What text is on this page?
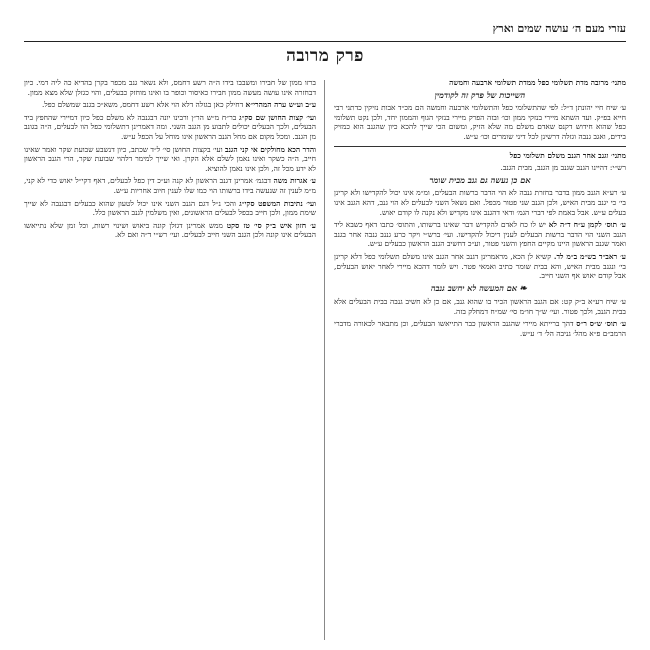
עזרי מעם ה׳ עושה שמים וארץ
פרק מרובה

מתני׳ מרובה מדת תשלומי כפל ממדת תשלומי ארבעה וחמשה

השייכות של פרק זה לקודמין

ע׳ שיח חיי יהונתן ד״ל: לפי שהתשלומי כפל והתשלומי ארבעה וחמשה הם מכ״ד אבות נזיקין כדתני רבי חייא בפ״ק. ועד השתא מיירי בנזקי ממון וכו׳ ובזה הפרק מיירי בנזקי הגוף והממון יחד, ולכן נקט תשלומי כפל שהוא חידוש דקנס שאדם משלם מה שלא הזיק, ומשום הכי שייך להכא כיון שהגנב הוא כמזיק בידים, ואגב גנבה וגזלה דרשינן לכל דיני שומרים וכו׳ ע״ש.

מתני׳ וגנב אחר הגנב משלם תשלומי כפל

רש״י: דהיינו הגנב שגנב מן הגנב, מבית הגנב.

אם כן נעשה גם גנב מבית שומר

ע׳ רע״א הגנב ממון בדבר בחזרת גנבה לא הוי הדבר ברשות הבעלים, ומ״מ אינו יכול להקדישו ולא קרינן בי׳ כי יגנב מבית האיש, ולכן הגנב שני פטור מכפל. ואם נשאל השני לבעלים לא הוי גנב, דהא הגנב אינו בעלים ע״ש. אבל באמת לפי דברי הגמ׳ ודאי דהגנב אינו מקדיש ולא נקנה לו קודם יאוש.

ע׳ תוס׳ לקמן ע״ח ד״ה לא יש לו כח לאדם להקדיש דבר שאינו ברשותו, והתוס׳ כתבו דאף כשבא ליד הגנב השני הוי הדבר ברשות הבעלים לענין דיכול להקדישו. ועי׳ ברש״י ויקר כרע גננב גנבה אחר בגנב ואמר שגנב הראשון היינו מקיים החפץ והשני פטור, וע״כ דחשיב הגנב הראשון כבעלים ע״ש.

ע׳ ראב״ד בש״מ ב״מ לד. קשיא לן הכא, מראמרינן דגנב אחר הגנב אינו משלם תשלומי כפל דלא קרינן בי׳ ונגנב מבית האיש, והא בבית שומר כתיב ואמאי פטר. ויש לומר דהכא מיירי לאחר יאוש הבעלים, אבל קודם יאוש אף השני חייב.

❧אם המעשה לא יחשב גנבה

ע׳ שיח רע״א ב״ק קט: אם הגנב הראשון הכיר בו שהוא גנב, אם כן לא חשיב גנבה בבית הבעלים אלא בבית הגנב, ולכך פטור. ועי׳ ש״ך חו״מ סי׳ שמ״ח דמחלק בזה.

ע׳ תוס׳ ש״ס ר״ס דהך ברייתא מיירי שהגנב הראשון כבר התייאשו הבעלים, וכן מתבאר לכאורה מדברי הרמב״ם פ״א מהל׳ גניבה הל׳ ד׳ ע״ש.

ברזו ממון של חבירו ומשבבו בידו ה״ה רשע דחמס, ולא נשאר גנב מכפר בקרן בהדיא כה ליה דמי. כיון דבחזרה אינו עושה מעשה ממון חבירו כאיסור וכופר בו ואינו מוחזק כבעלים, והוי כגזלן שלא מצא ממון.

ע״ב וע״ש ערה המהרי״א דחילק כאן בגזלה דלא הוי אלא רשע דחמס, משא״כ בגנב שמשלם כפל.

ועי׳ קצות החושן שם סק״ג בר״ח מ״ש הר״ן ורבינו יונה דבגנבה לא משלם כפל כיון דמיירי שהחפץ ביד הבעלים, ולכך הבעלים יכולים לתבוע מן הגנב השני. ומה דאמרינן דתשלומי כפל הוו לבעלים, ה״ה בגונב מן הגנב. ומכל מקום אם מחל הגנב הראשון אינו מוחל על הכפל ע״ש.

והדר הכא מחולקים אי קני הגנב ועי׳ בקצות החושן סי׳ ל״ד שכתב, כיון דנשבע שבועת שקר ואמר שאינו חייב, ה״ה כשקר ואינו נאמן לשלם אלא הקרן. ואי שייך למימר דלהוי שבועת שקר, הרי הגנב הראשון לא ידע מכל זה, ולכן אינו נאמן להוציא.

ע׳ אגרות משה דבגמ׳ אמרינן דגנב הראשון לא קנה וע״כ דין כפל לבעלים, דאף דקי״ל יאוש כדי לא קני, מ״מ לענין זה שנעשה בידו ברשותו הוי כמו שלו לענין חיוב אחריות ע״ש.

ועי׳ נתיבות המשפט סקי״ג והכי נ״ל דגם הגנב השני אינו יכול לטעון שהוא כבעלים דבגנבה לא שייך שימת ממון, ולכן חייב בכפל לבעלים הראשונים, ואין משלמין לגנב הראשון כלל.

ע׳ חזון איש ב״ק סי׳ טז סקט ממש אמרינן דגזלן קונה ביאוש ושינוי רשות, וכל זמן שלא נתייאשו הבעלים אינו קונה ולכן הגנב השני חייב לבעלים. ועי׳ רש״י ד״ה ואם לא.
